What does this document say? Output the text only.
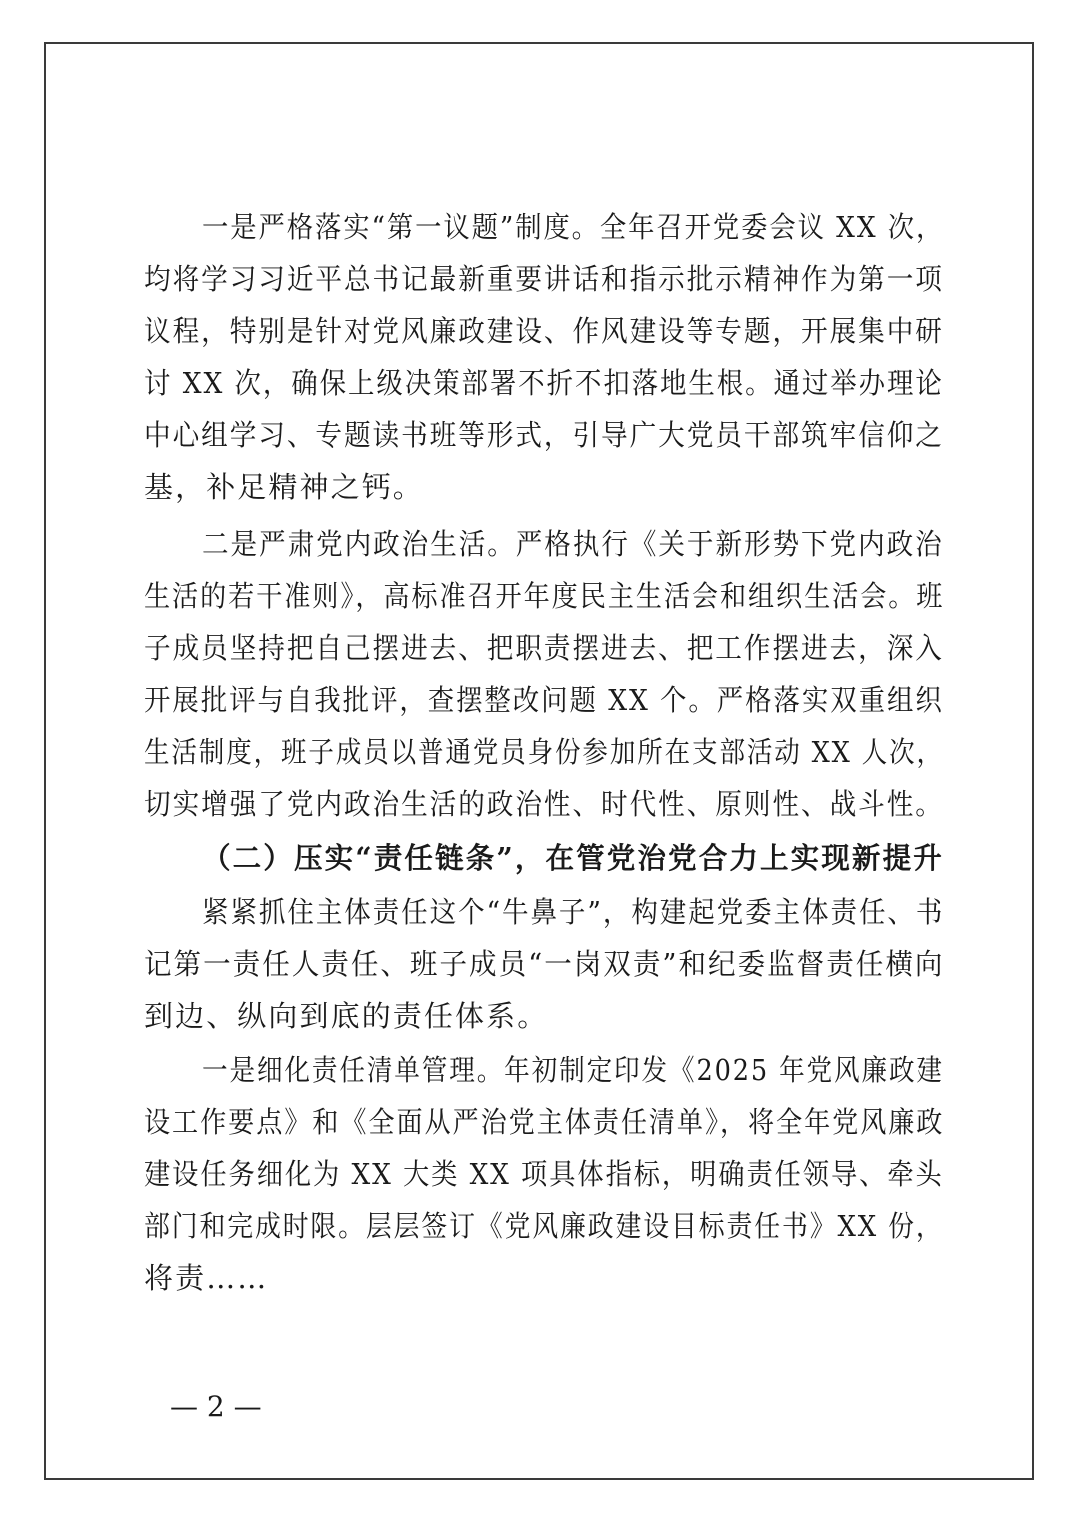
一是严格落实“第一议题”制度。全年召开党委会议 XX 次，
均将学习习近平总书记最新重要讲话和指示批示精神作为第一项
议程，特别是针对党风廉政建设、作风建设等专题，开展集中研
讨 XX 次，确保上级决策部署不折不扣落地生根。通过举办理论
中心组学习、专题读书班等形式，引导广大党员干部筑牢信仰之
基，补足精神之钙。
二是严肃党内政治生活。严格执行《关于新形势下党内政治
生活的若干准则》，高标准召开年度民主生活会和组织生活会。班
子成员坚持把自己摆进去、把职责摆进去、把工作摆进去，深入
开展批评与自我批评，查摆整改问题 XX 个。严格落实双重组织
生活制度，班子成员以普通党员身份参加所在支部活动 XX 人次，
切实增强了党内政治生活的政治性、时代性、原则性、战斗性。
（二）压实“责任链条”，在管党治党合力上实现新提升
紧紧抓住主体责任这个“牛鼻子”，构建起党委主体责任、书
记第一责任人责任、班子成员“一岗双责”和纪委监督责任横向
到边、纵向到底的责任体系。
一是细化责任清单管理。年初制定印发《2025 年党风廉政建
设工作要点》和《全面从严治党主体责任清单》，将全年党风廉政
建设任务细化为 XX 大类 XX 项具体指标，明确责任领导、牵头
部门和完成时限。层层签订《党风廉政建设目标责任书》XX 份，
将责……
— 2 —
